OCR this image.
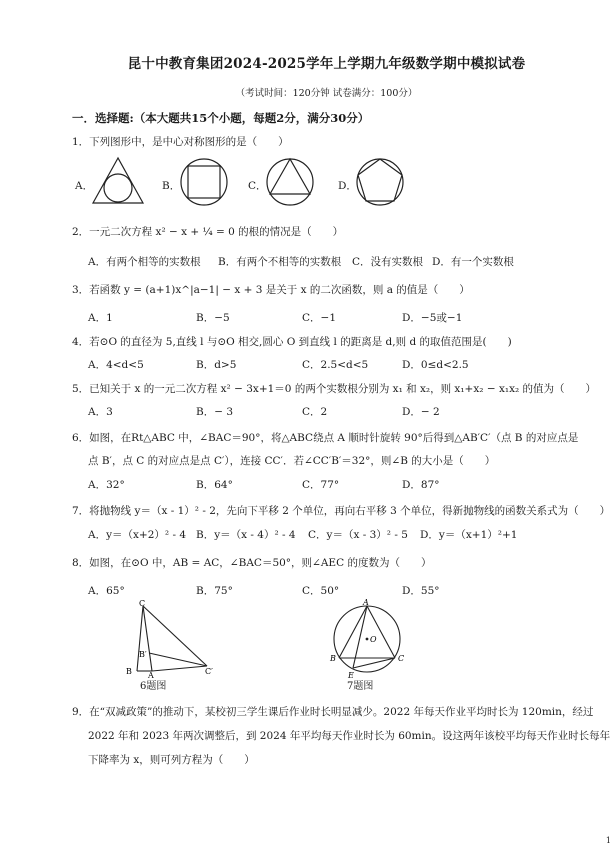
昆十中教育集团2024-2025学年上学期九年级数学期中模拟试卷
（考试时间：120分钟 试卷满分：100分）
一．选择题:（本大题共15个小题，每题2分，满分30分）
1．下列图形中，是中心对称图形的是（　　）
A．	B．	C．	D．
2．一元二次方程 x² − x + ¼ = 0 的根的情况是（　　）
A．有两个相等的实数根 B．有两个不相等的实数根 C．没有实数根 D．有一个实数根
3．若函数 y = (a+1)x^|a−1| − x + 3 是关于 x 的二次函数，则 a 的值是（　　）
A．1	B．−5	C．−1	D．−5或−1
4．若⊙O 的直径为 5,直线 l 与⊙O 相交,圆心 O 到直线 l 的距离是 d,则 d 的取值范围是(　　)
A．4<d<5	B．d>5	C．2.5<d<5	D．0≤d<2.5
5．已知关于 x 的一元二次方程 x² − 3x+1＝0 的两个实数根分别为 x₁ 和 x₂，则 x₁+x₂ − x₁x₂ 的值为（　　）
A．3	B．− 3	C．2	D．− 2
6．如图，在Rt△ABC 中，∠BAC＝90°，将△ABC绕点 A 顺时针旋转 90°后得到△AB′C′（点 B 的对应点是
点 B′，点 C 的对应点是点 C′），连接 CC′．若∠CC′B′＝32°，则∠B 的大小是（　　）
A．32°	B．64°	C．77°	D．87°
7．将抛物线 y＝（x - 1）² - 2，先向下平移 2 个单位，再向右平移 3 个单位，得新抛物线的函数关系式为（　　）
A．y＝（x+2）² - 4 B．y＝（x - 4）² - 4 C．y＝（x - 3）² - 5 D．y＝（x+1）²+1
8．如图，在⊙O 中，AB = AC，∠BAC＝50°，则∠AEC 的度数为（　　）
A．65°	B．75°	C．50°	D．55°
C
B′
B A	C′
6题图
A
O
B	C
E
7题图
9．在“双减政策”的推动下，某校初三学生课后作业时长明显减少。2022 年每天作业平均时长为 120min，经过
2022 年和 2023 年两次调整后，到 2024 年平均每天作业时长为 60min。设这两年该校平均每天作业时长每年
下降率为 x，则可列方程为（　　）
1
